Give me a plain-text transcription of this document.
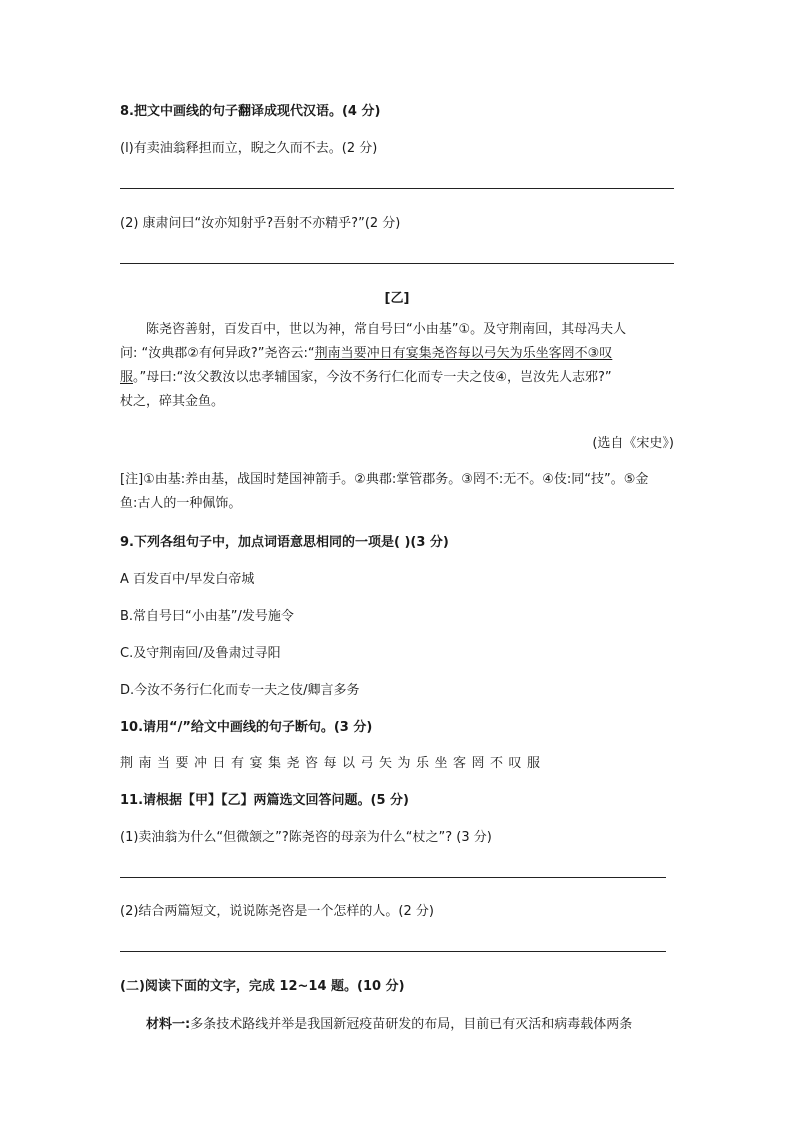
8.把文中画线的句子翻译成现代汉语。(4 分)
(l)有卖油翁释担而立，睨之久而不去。(2 分)
(2) 康肃问曰“汝亦知射乎?吾射不亦精乎?”(2 分)
[乙]
陈尧咨善射，百发百中，世以为神，常自号曰“小由基”①。及守荆南回，其母冯夫人
问: “汝典郡②有何异政?”尧咨云:“荆南当要冲日有宴集尧咨每以弓矢为乐坐客罔不③叹
服。”母曰:“汝父教汝以忠孝辅国家，今汝不务行仁化而专一夫之伎④，岂汝先人志邪?”
杖之，碎其金鱼。
(选自《宋史》)
[注]①由基:养由基，战国时楚国神箭手。②典郡:掌管郡务。③罔不:无不。④伎:同“技”。⑤金
鱼:古人的一种佩饰。
9.下列各组句子中，加点词语意思相同的一项是( )(3 分)
A 百发百中/早发白帝城
B.常自号曰“小由基”/发号施令
C.及守荆南回/及鲁肃过寻阳
D.今汝不务行仁化而专一夫之伎/卿言多务
10.请用“/”给文中画线的句子断句。(3 分)
荆南当要冲日有宴集尧咨每以弓矢为乐坐客罔不叹服
11.请根据【甲】【乙】两篇选文回答问题。(5 分)
(1)卖油翁为什么“但微颔之”?陈尧咨的母亲为什么“杖之”? (3 分)
(2)结合两篇短文，说说陈尧咨是一个怎样的人。(2 分)
(二)阅读下面的文字，完成 12~14 题。(10 分)
材料一:多条技术路线并举是我国新冠疫苗研发的布局，目前已有灭活和病毒载体两条
